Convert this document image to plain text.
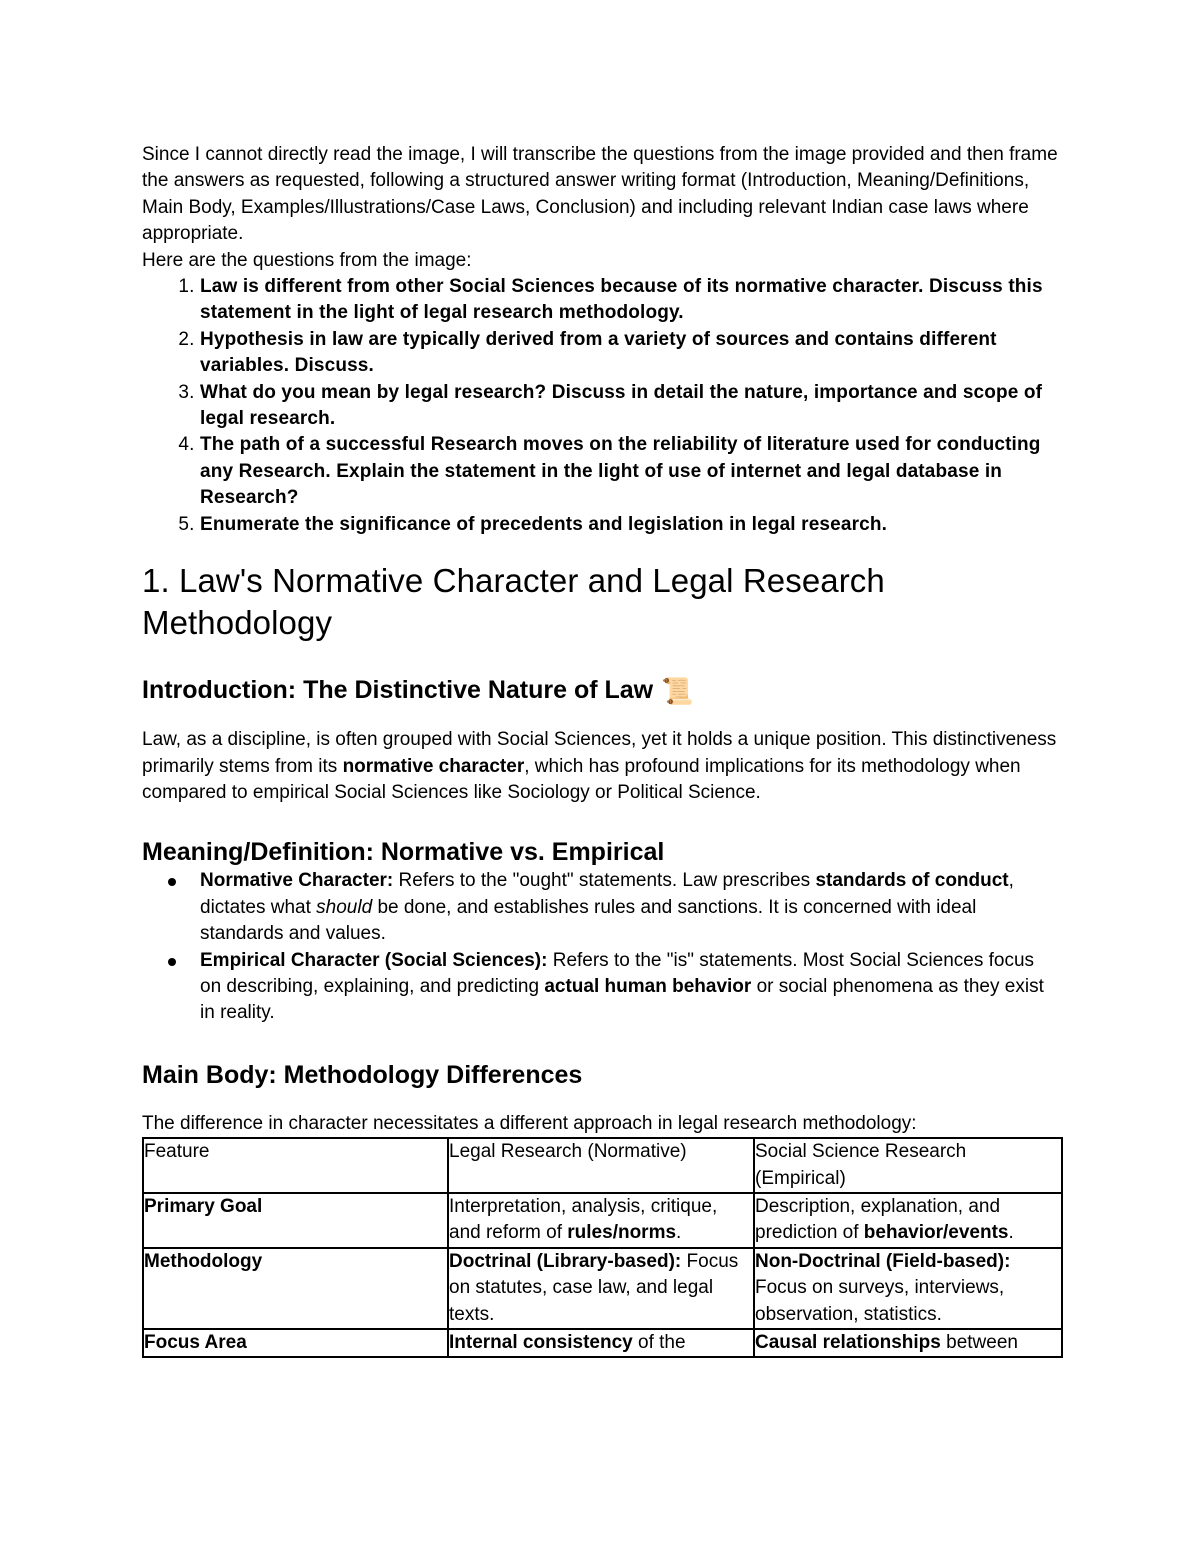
Since I cannot directly read the image, I will transcribe the questions from the image provided and then frame the answers as requested, following a structured answer writing format (Introduction, Meaning/Definitions, Main Body, Examples/Illustrations/Case Laws, Conclusion) and including relevant Indian case laws where appropriate.

Here are the questions from the image:

1. Law is different from other Social Sciences because of its normative character. Discuss this statement in the light of legal research methodology.
2. Hypothesis in law are typically derived from a variety of sources and contains different variables. Discuss.
3. What do you mean by legal research? Discuss in detail the nature, importance and scope of legal research.
4. The path of a successful Research moves on the reliability of literature used for conducting any Research. Explain the statement in the light of use of internet and legal database in Research?
5. Enumerate the significance of precedents and legislation in legal research.
1. Law's Normative Character and Legal Research Methodology
Introduction: The Distinctive Nature of Law 📜

Law, as a discipline, is often grouped with Social Sciences, yet it holds a unique position. This distinctiveness primarily stems from its normative character, which has profound implications for its methodology when compared to empirical Social Sciences like Sociology or Political Science.

Meaning/Definition: Normative vs. Empirical
Normative Character: Refers to the "ought" statements. Law prescribes standards of conduct, dictates what should be done, and establishes rules and sanctions. It is concerned with ideal standards and values.
Empirical Character (Social Sciences): Refers to the "is" statements. Most Social Sciences focus on describing, explaining, and predicting actual human behavior or social phenomena as they exist in reality.
Main Body: Methodology Differences

The difference in character necessitates a different approach in legal research methodology:

Feature	Legal Research (Normative)	Social Science Research (Empirical)
Primary Goal	Interpretation, analysis, critique, and reform of rules/norms.	Description, explanation, and prediction of behavior/events.
Methodology	Doctrinal (Library-based): Focus on statutes, case law, and legal texts.	Non-Doctrinal (Field-based): Focus on surveys, interviews, observation, statistics.
Focus Area	Internal consistency of the	Causal relationships between
